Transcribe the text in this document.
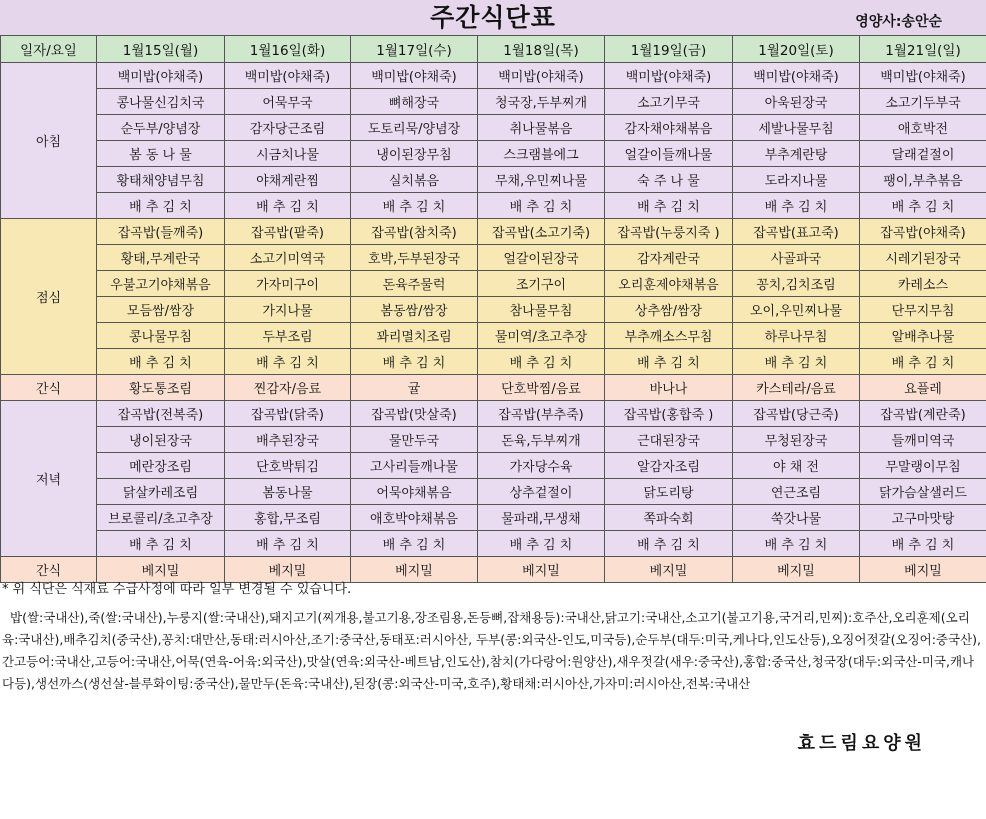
주간식단표	영양사:송안순
일자/요일	1월15일(월)	1월16일(화)	1월17일(수)	1월18일(목)	1월19일(금)	1월20일(토)	1월21일(일)
아침	백미밥(야채죽)	백미밥(야채죽)	백미밥(야채죽)	백미밥(야채죽)	백미밥(야채죽)	백미밥(야채죽)	백미밥(야채죽)
	콩나물신김치국	어묵무국	뼈해장국	청국장,두부찌개	소고기무국	아욱된장국	소고기두부국
	순두부/양념장	감자당근조림	도토리묵/양념장	취나물볶음	감자채야채볶음	세발나물무침	애호박전
	봄 동 나 물	시금치나물	냉이된장무침	스크램블에그	얼갈이들깨나물	부추계란탕	달래겉절이
	황태채양념무침	야채계란찜	실치볶음	무채,우민찌나물	숙 주 나 물	도라지나물	팽이,부추볶음
	배 추 김 치	배 추 김 치	배 추 김 치	배 추 김 치	배 추 김 치	배 추 김 치	배 추 김 치
점심	잡곡밥(들깨죽)	잡곡밥(팥죽)	잡곡밥(참치죽)	잡곡밥(소고기죽)	잡곡밥(누룽지죽 )	잡곡밥(표고죽)	잡곡밥(야채죽)
	황태,무계란국	소고기미역국	호박,두부된장국	얼갈이된장국	감자계란국	사골파국	시레기된장국
	우불고기야채볶음	가자미구이	돈육주물럭	조기구이	오리훈제야채볶음	꽁치,김치조림	카레소스
	모듬쌈/쌈장	가지나물	봄동쌈/쌈장	참나물무침	상추쌈/쌈장	오이,우민찌나물	단무지무침
	콩나물무침	두부조림	꽈리멸치조림	물미역/초고추장	부추깨소스무침	하루나무침	알배추나물
	배 추 김 치	배 추 김 치	배 추 김 치	배 추 김 치	배 추 김 치	배 추 김 치	배 추 김 치
간식	황도통조림	찐감자/음료	귤	단호박찜/음료	바나나	카스테라/음료	요플레
저녁	잡곡밥(전복죽)	잡곡밥(닭죽)	잡곡밥(맛살죽)	잡곡밥(부추죽)	잡곡밥(홍합죽 )	잡곡밥(당근죽)	잡곡밥(계란죽)
	냉이된장국	배추된장국	물만두국	돈육,두부찌개	근대된장국	무청된장국	들깨미역국
	메란장조림	단호박튀김	고사리들깨나물	가자당수육	알감자조림	야 채 전	무말랭이무침
	닭살카레조림	봄동나물	어묵야채볶음	상추겉절이	닭도리탕	연근조림	닭가슴살샐러드
	브로콜리/초고추장	홍합,무조림	애호박야채볶음	물파래,무생채	쪽파숙회	쑥갓나물	고구마맛탕
	배 추 김 치	배 추 김 치	배 추 김 치	배 추 김 치	배 추 김 치	배 추 김 치	배 추 김 치
간식	베지밀	베지밀	베지밀	베지밀	베지밀	베지밀	베지밀
* 위 식단은 식재료 수급사정에 따라 일부 변경될 수 있습니다.

밥(쌀:국내산),죽(쌀:국내산),누룽지(쌀:국내산),돼지고기(찌개용,불고기용,장조림용,돈등뼈,잡채용등):국내산,닭고기:국내산,소고기(불고기용,국거리,민찌):호주산,오리훈제(오리육:국내산),배추김치(중국산),꽁치:대만산,동태:러시아산,조기:중국산,동태포:러시아산, 두부(콩:외국산-인도,미국등),순두부(대두:미국,케나다,인도산등),오징어젓갈(오징어:중국산),간고등어:국내산,고등어:국내산,어묵(연육-어육:외국산),맛살(연육:외국산-베트남,인도산),참치(가다랑어:원양산),새우젓갈(새우:중국산),홍합:중국산,청국장(대두:외국산-미국,캐나다등),생선까스(생선살-블루화이팅:중국산),물만두(돈육:국내산),된장(콩:외국산-미국,호주),황태채:러시아산,가자미:러시아산,전복:국내산

효드림요양원
